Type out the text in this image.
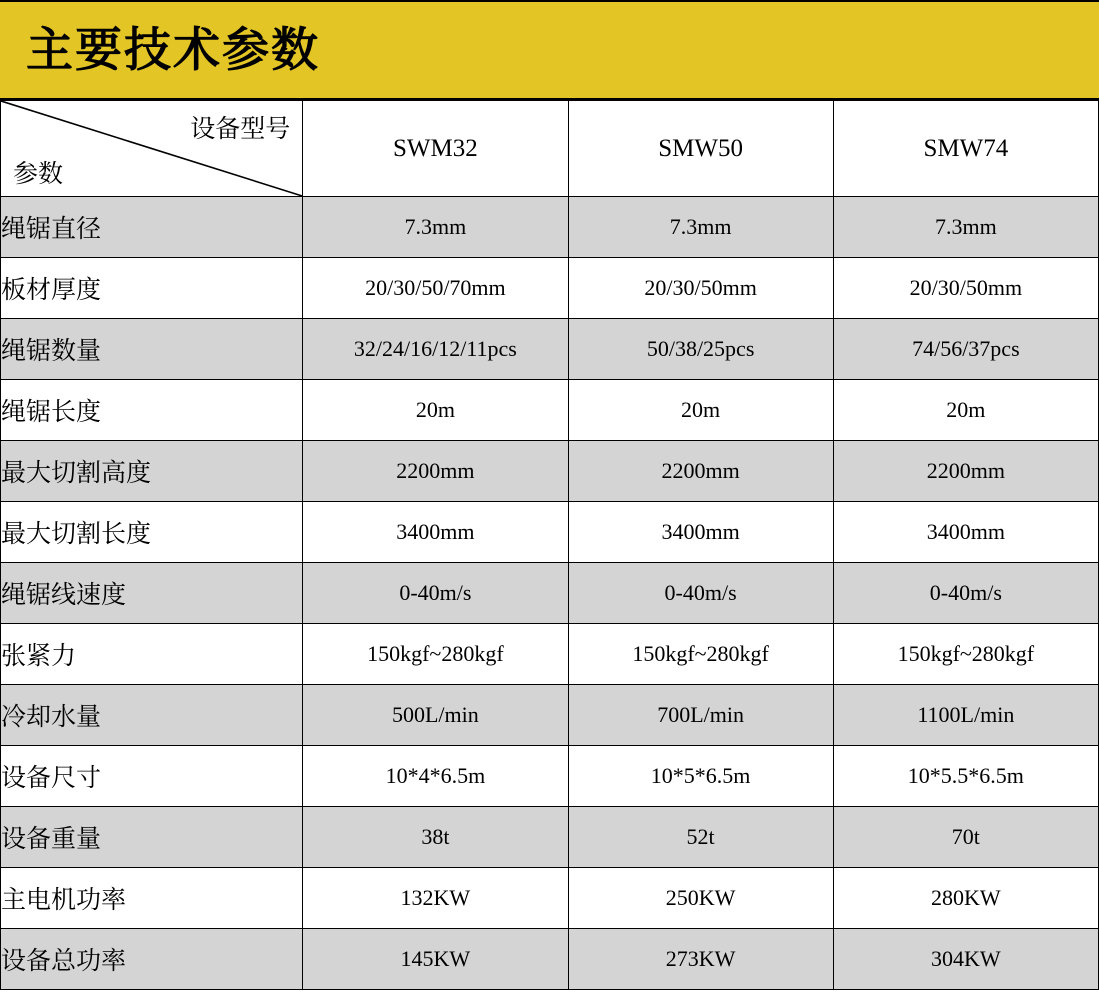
主要技术参数
设备型号
参数	SWM32	SMW50	SMW74
绳锯直径	7.3mm	7.3mm	7.3mm
板材厚度	20/30/50/70mm	20/30/50mm	20/30/50mm
绳锯数量	32/24/16/12/11pcs	50/38/25pcs	74/56/37pcs
绳锯长度	20m	20m	20m
最大切割高度	2200mm	2200mm	2200mm
最大切割长度	3400mm	3400mm	3400mm
绳锯线速度	0-40m/s	0-40m/s	0-40m/s
张紧力	150kgf~280kgf	150kgf~280kgf	150kgf~280kgf
冷却水量	500L/min	700L/min	1100L/min
设备尺寸	10*4*6.5m	10*5*6.5m	10*5.5*6.5m
设备重量	38t	52t	70t
主电机功率	132KW	250KW	280KW
设备总功率	145KW	273KW	304KW
